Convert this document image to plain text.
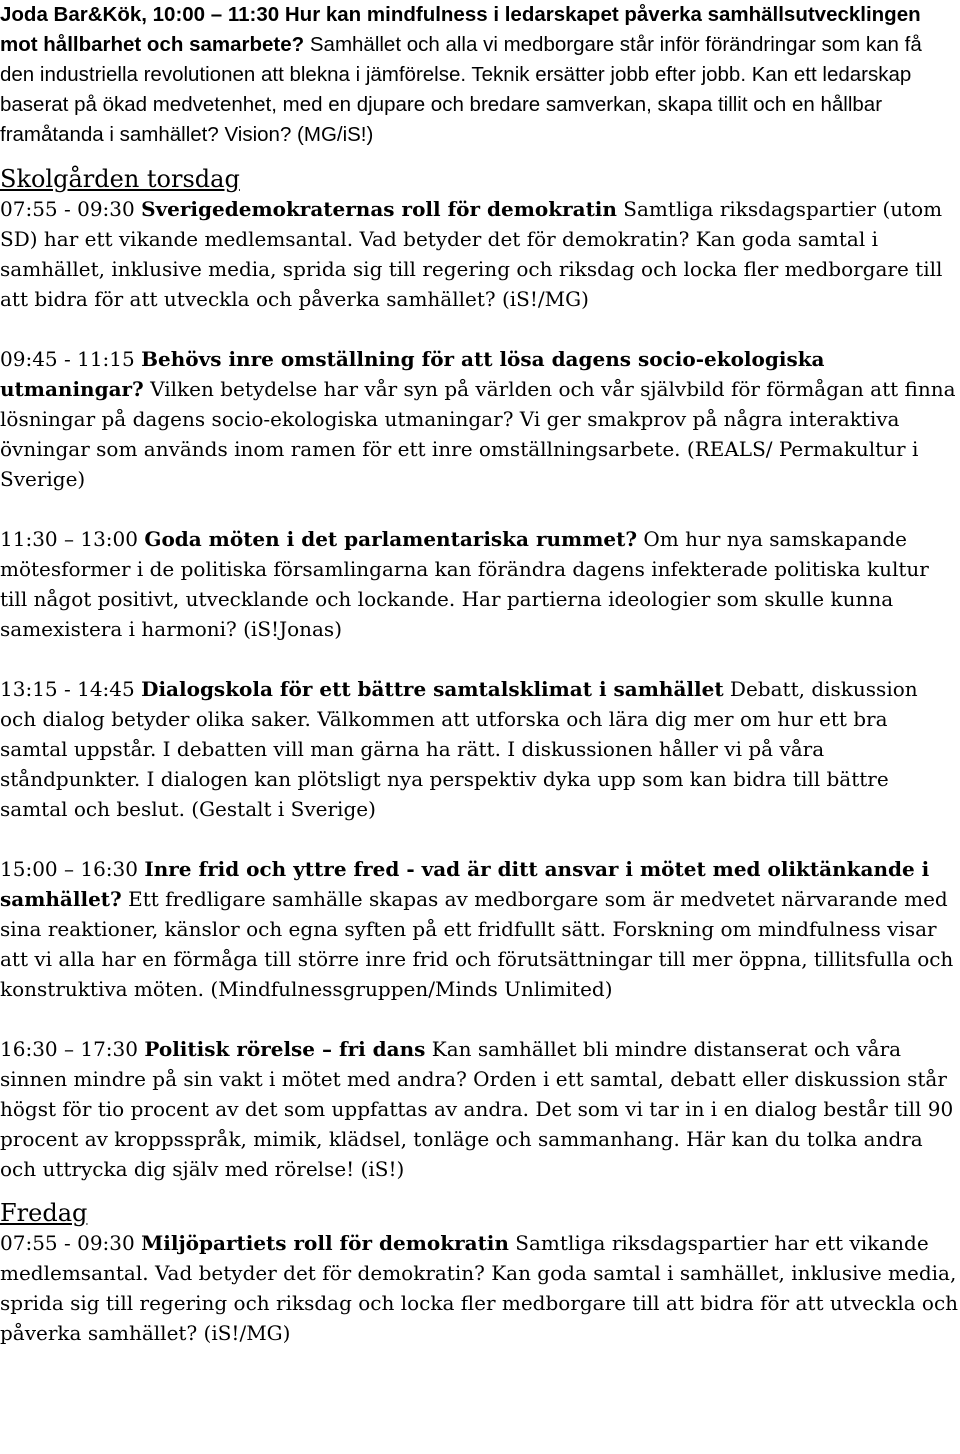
Joda Bar&Kök, 10:00 – 11:30 Hur kan mindfulness i ledarskapet påverka samhällsutvecklingen mot hållbarhet och samarbete? Samhället och alla vi medborgare står inför förändringar som kan få den industriella revolutionen att blekna i jämförelse. Teknik ersätter jobb efter jobb. Kan ett ledarskap baserat på ökad medvetenhet, med en djupare och bredare samverkan, skapa tillit och en hållbar framåtanda i samhället? Vision? (MG/iS!)

Skolgården torsdag

07:55 - 09:30 Sverigedemokraternas roll för demokratin Samtliga riksdagspartier (utom SD) har ett vikande medlemsantal. Vad betyder det för demokratin? Kan goda samtal i samhället, inklusive media, sprida sig till regering och riksdag och locka fler medborgare till att bidra för att utveckla och påverka samhället? (iS!/MG)

09:45 - 11:15 Behövs inre omställning för att lösa dagens socio-ekologiska utmaningar? Vilken betydelse har vår syn på världen och vår självbild för förmågan att finna lösningar på dagens socio-ekologiska utmaningar? Vi ger smakprov på några interaktiva övningar som används inom ramen för ett inre omställningsarbete. (REALS/ Permakultur i Sverige)

11:30 – 13:00 Goda möten i det parlamentariska rummet? Om hur nya samskapande mötesformer i de politiska församlingarna kan förändra dagens infekterade politiska kultur till något positivt, utvecklande och lockande. Har partierna ideologier som skulle kunna samexistera i harmoni? (iS!Jonas)

13:15 - 14:45 Dialogskola för ett bättre samtalsklimat i samhället Debatt, diskussion och dialog betyder olika saker. Välkommen att utforska och lära dig mer om hur ett bra samtal uppstår. I debatten vill man gärna ha rätt. I diskussionen håller vi på våra ståndpunkter. I dialogen kan plötsligt nya perspektiv dyka upp som kan bidra till bättre samtal och beslut. (Gestalt i Sverige)

15:00 – 16:30 Inre frid och yttre fred - vad är ditt ansvar i mötet med oliktänkande i samhället? Ett fredligare samhälle skapas av medborgare som är medvetet närvarande med sina reaktioner, känslor och egna syften på ett fridfullt sätt. Forskning om mindfulness visar att vi alla har en förmåga till större inre frid och förutsättningar till mer öppna, tillitsfulla och konstruktiva möten. (Mindfulnessgruppen/Minds Unlimited)

16:30 – 17:30 Politisk rörelse – fri dans Kan samhället bli mindre distanserat och våra sinnen mindre på sin vakt i mötet med andra? Orden i ett samtal, debatt eller diskussion står högst för tio procent av det som uppfattas av andra. Det som vi tar in i en dialog består till 90 procent av kroppsspråk, mimik, klädsel, tonläge och sammanhang. Här kan du tolka andra och uttrycka dig själv med rörelse! (iS!)

Fredag

07:55 - 09:30 Miljöpartiets roll för demokratin Samtliga riksdagspartier har ett vikande medlemsantal. Vad betyder det för demokratin? Kan goda samtal i samhället, inklusive media, sprida sig till regering och riksdag och locka fler medborgare till att bidra för att utveckla och påverka samhället? (iS!/MG)
